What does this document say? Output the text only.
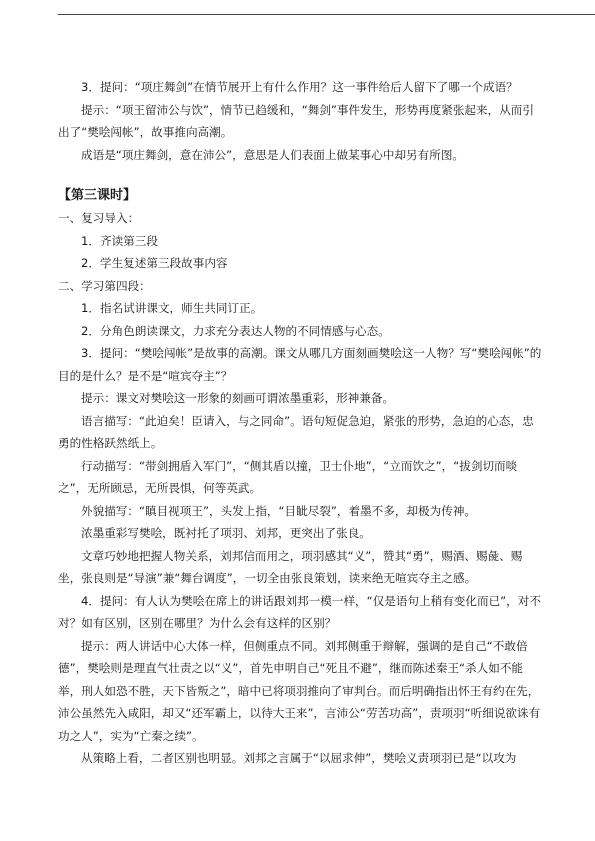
3．提问：“项庄舞剑”在情节展开上有什么作用？这一事件给后人留下了哪一个成语？

提示：“项王留沛公与饮”，情节已趋缓和，“舞剑”事件发生，形势再度紧张起来，从而引出了“樊哙闯帐”，故事推向高潮。

成语是“项庄舞剑，意在沛公”，意思是人们表面上做某事心中却另有所图。

【第三课时】

一、复习导入：

1．齐读第三段

2．学生复述第三段故事内容

二、学习第四段：

1．指名试讲课文，师生共同订正。

2．分角色朗读课文，力求充分表达人物的不同情感与心态。

3．提问：“樊哙闯帐”是故事的高潮。课文从哪几方面刻画樊哙这一人物？写“樊哙闯帐”的目的是什么？是不是“喧宾夺主”？

提示：课文对樊哙这一形象的刻画可谓浓墨重彩，形神兼备。

语言描写：“此迫矣！臣请入，与之同命”。语句短促急迫，紧张的形势，急迫的心态，忠勇的性格跃然纸上。

行动描写：“带剑拥盾入军门”，“侧其盾以撞，卫士仆地”，“立而饮之”，“拔剑切而啖之”，无所顾忌，无所畏惧，何等英武。

外貌描写：“瞋目视项王”，头发上指，“目眦尽裂”，着墨不多，却极为传神。

浓墨重彩写樊哙，既衬托了项羽、刘邦，更突出了张良。

文章巧妙地把握人物关系，刘邦信而用之，项羽感其“义”，赞其“勇”，赐酒、赐彘、赐坐，张良则是“导演”兼“舞台调度”，一切全由张良策划，读来绝无喧宾夺主之感。

4．提问：有人认为樊哙在席上的讲话跟刘邦一模一样，“仅是语句上稍有变化而已”，对不对？如有区别，区别在哪里？为什么会有这样的区别？

提示：两人讲话中心大体一样，但侧重点不同。刘邦侧重于辩解，强调的是自己“不敢倍德”，樊哙则是理直气壮责之以“义”，首先申明自己“死且不避”，继而陈述秦王“杀人如不能举，刑人如恐不胜，天下皆叛之”，暗中已将项羽推向了审判台。而后明确指出怀王有约在先，沛公虽然先入咸阳，却又“还军霸上，以待大王来”，言沛公“劳苦功高”，责项羽“听细说欲诛有功之人”，实为“亡秦之续”。

从策略上看，二者区别也明显。刘邦之言属于“以屈求伸”，樊哙义责项羽已是“以攻为
